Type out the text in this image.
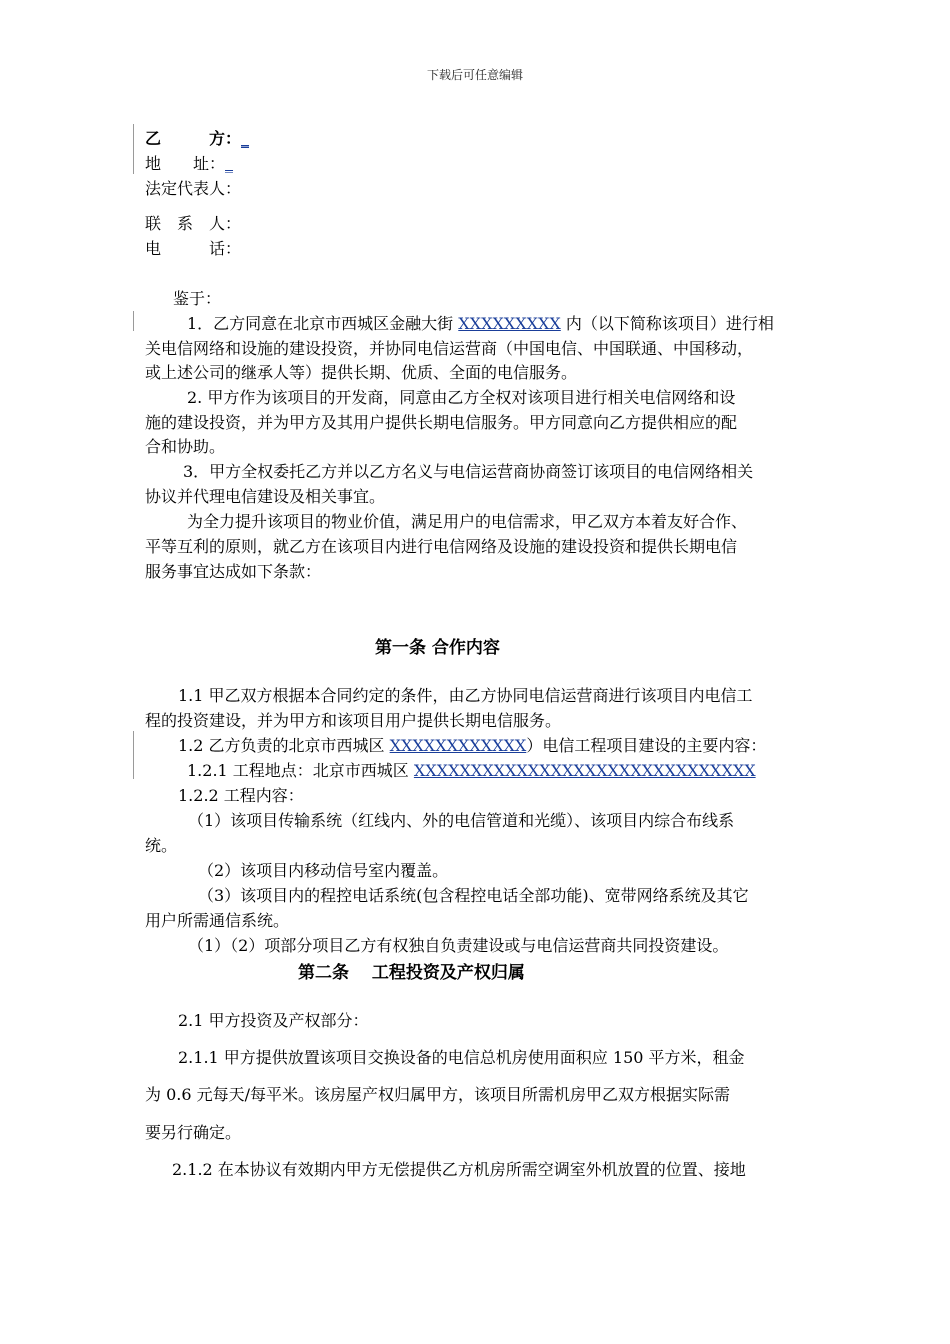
下载后可任意编辑
乙　　　方：_
地　　址：_
法定代表人：
联　系　人：
电　　　话：
鉴于：
1．乙方同意在北京市西城区金融大街 XXXXXXXXX 内（以下简称该项目）进行相
关电信网络和设施的建设投资，并协同电信运营商（中国电信、中国联通、中国移动，
或上述公司的继承人等）提供长期、优质、全面的电信服务。
2. 甲方作为该项目的开发商，同意由乙方全权对该项目进行相关电信网络和设
施的建设投资，并为甲方及其用户提供长期电信服务。甲方同意向乙方提供相应的配
合和协助。
3．甲方全权委托乙方并以乙方名义与电信运营商协商签订该项目的电信网络相关
协议并代理电信建设及相关事宜。
为全力提升该项目的物业价值，满足用户的电信需求，甲乙双方本着友好合作、
平等互利的原则，就乙方在该项目内进行电信网络及设施的建设投资和提供长期电信
服务事宜达成如下条款：
第一条 合作内容
1.1 甲乙双方根据本合同约定的条件，由乙方协同电信运营商进行该项目内电信工
程的投资建设，并为甲方和该项目用户提供长期电信服务。
1.2 乙方负责的北京市西城区 XXXXXXXXXXXX）电信工程项目建设的主要内容：
1.2.1 工程地点：北京市西城区 XXXXXXXXXXXXXXXXXXXXXXXXXXXXXX
1.2.2 工程内容：
（1）该项目传输系统（红线内、外的电信管道和光缆）、该项目内综合布线系
统。
（2）该项目内移动信号室内覆盖。
（3）该项目内的程控电话系统(包含程控电话全部功能)、宽带网络系统及其它
用户所需通信系统。
（1）（2）项部分项目乙方有权独自负责建设或与电信运营商共同投资建设。
第二条　 工程投资及产权归属
2.1 甲方投资及产权部分：
2.1.1 甲方提供放置该项目交换设备的电信总机房使用面积应 150 平方米，租金
为 0.6 元每天/每平米。该房屋产权归属甲方，该项目所需机房甲乙双方根据实际需
要另行确定。
2.1.2 在本协议有效期内甲方无偿提供乙方机房所需空调室外机放置的位置、接地
